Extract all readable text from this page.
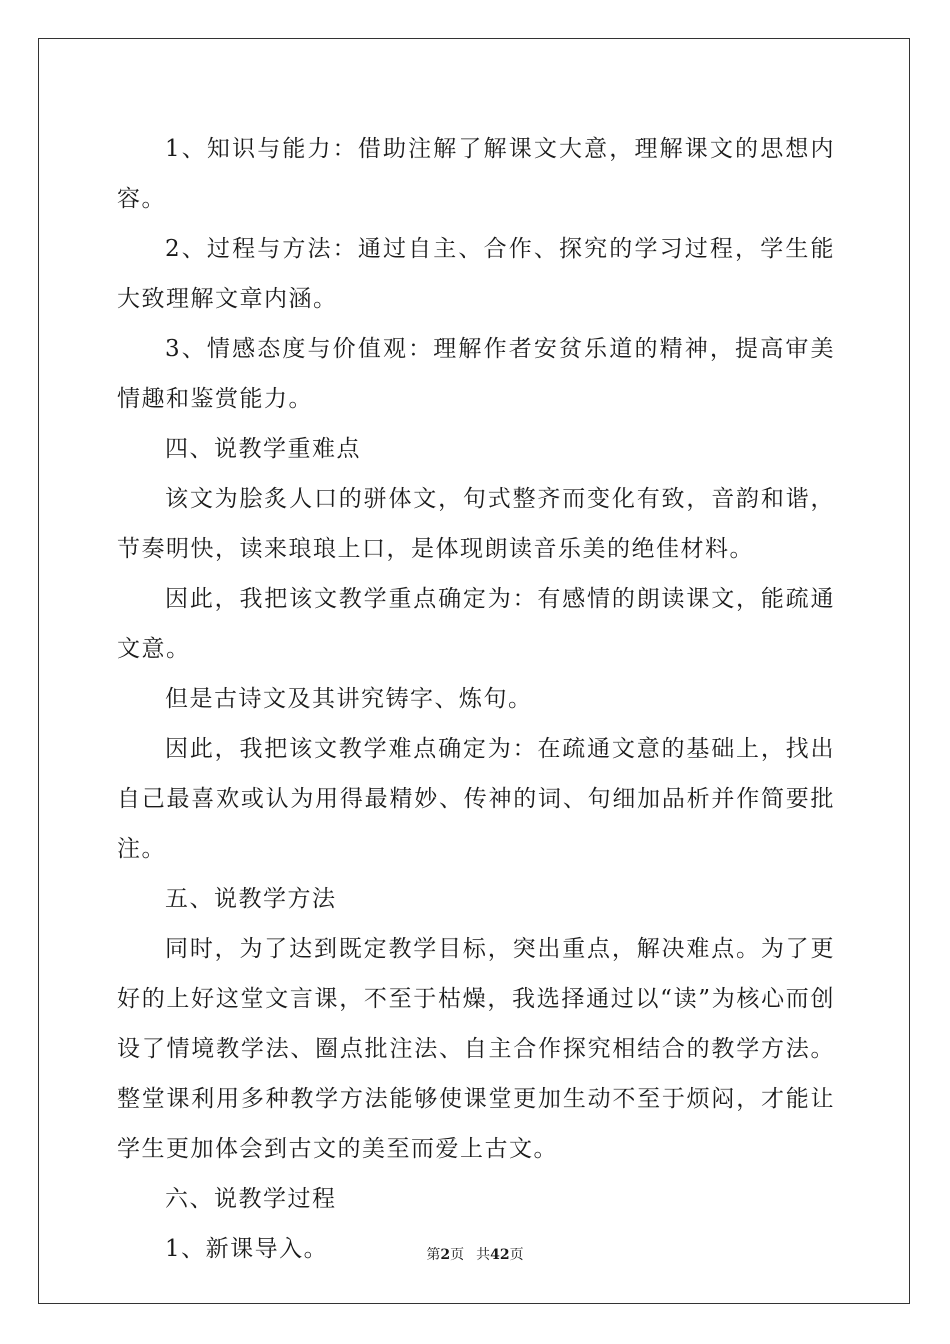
1、知识与能力：借助注解了解课文大意，理解课文的思想内容。

2、过程与方法：通过自主、合作、探究的学习过程，学生能大致理解文章内涵。

3、情感态度与价值观：理解作者安贫乐道的精神，提高审美情趣和鉴赏能力。

四、说教学重难点

该文为脍炙人口的骈体文，句式整齐而变化有致，音韵和谐，节奏明快，读来琅琅上口，是体现朗读音乐美的绝佳材料。

因此，我把该文教学重点确定为：有感情的朗读课文，能疏通文意。

但是古诗文及其讲究铸字、炼句。

因此，我把该文教学难点确定为：在疏通文意的基础上，找出自己最喜欢或认为用得最精妙、传神的词、句细加品析并作简要批注。

五、说教学方法

同时，为了达到既定教学目标，突出重点，解决难点。为了更好的上好这堂文言课，不至于枯燥，我选择通过以“读”为核心而创设了情境教学法、圈点批注法、自主合作探究相结合的教学方法。整堂课利用多种教学方法能够使课堂更加生动不至于烦闷，才能让学生更加体会到古文的美至而爱上古文。

六、说教学过程

1、新课导入。	第2页 共42页
